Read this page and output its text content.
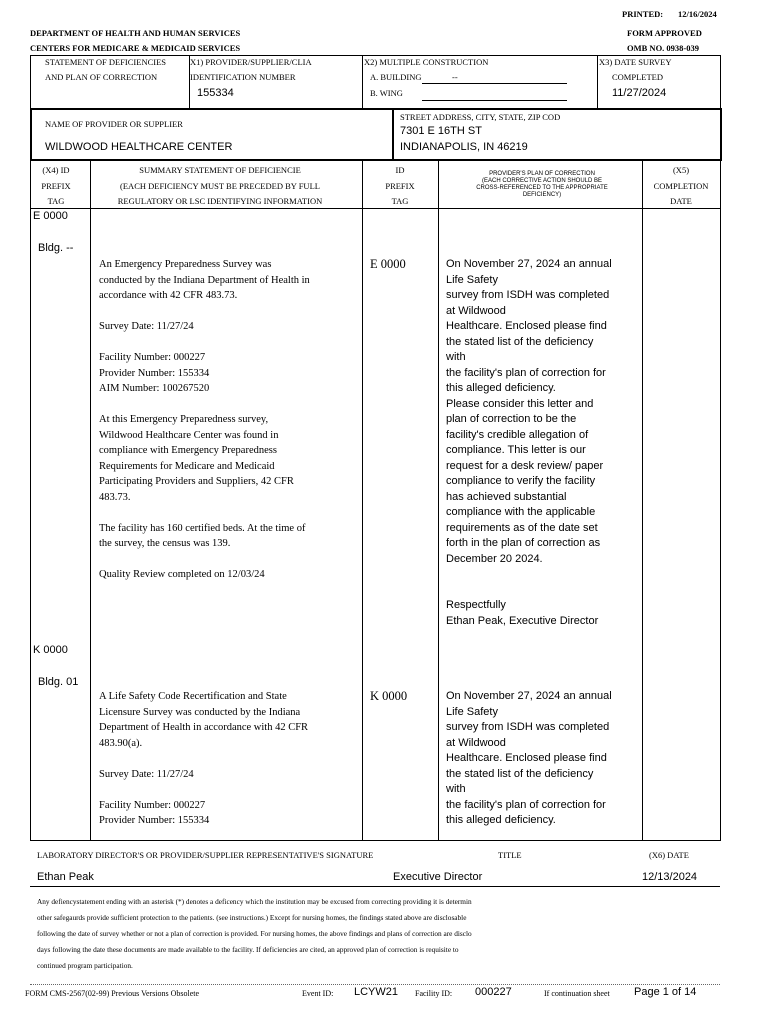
PRINTED: 12/16/2024
DEPARTMENT OF HEALTH AND HUMAN SERVICES	FORM APPROVED
CENTERS FOR MEDICARE & MEDICAID SERVICES	OMB NO. 0938-039
STATEMENT OF DEFICIENCIES
AND PLAN OF CORRECTION
X1) PROVIDER/SUPPLIER/CLIA
IDENTIFICATION NUMBER
155334
X2) MULTIPLE CONSTRUCTION
A. BUILDING	--
B. WING
X3) DATE SURVEY
COMPLETED
11/27/2024
NAME OF PROVIDER OR SUPPLIER
WILDWOOD HEALTHCARE CENTER
STREET ADDRESS, CITY, STATE, ZIP COD
7301 E 16TH ST
INDIANAPOLIS, IN 46219
(X4) ID
PREFIX
TAG
SUMMARY STATEMENT OF DEFICIENCIE
(EACH DEFICIENCY MUST BE PRECEDED BY FULL
REGULATORY OR LSC IDENTIFYING INFORMATION
ID
PREFIX
TAG
PROVIDER'S PLAN OF CORRECTION
(EACH CORRECTIVE ACTION SHOULD BE
CROSS-REFERENCED TO THE APPROPRIATE
DEFICIENCY)
(X5)
COMPLETION
DATE
E 0000
Bldg. --

An Emergency Preparedness Survey was
conducted by the Indiana Department of Health in
accordance with 42 CFR 483.73.

Survey Date: 11/27/24

Facility Number: 000227
Provider Number: 155334
AIM Number: 100267520

At this Emergency Preparedness survey,
Wildwood Healthcare Center was found in
compliance with Emergency Preparedness
Requirements for Medicare and Medicaid
Participating Providers and Suppliers, 42 CFR
483.73.

The facility has 160 certified beds. At the time of
the survey, the census was 139.

Quality Review completed on 12/03/24

E 0000	On November 27, 2024 an annual
Life Safety
survey from ISDH was completed
at Wildwood
Healthcare. Enclosed please find
the stated list of the deficiency
with
the facility's plan of correction for
this alleged deficiency.
Please consider this letter and
plan of correction to be the
facility's credible allegation of
compliance. This letter is our
request for a desk review/ paper
compliance to verify the facility
has achieved substantial
compliance with the applicable
requirements as of the date set
forth in the plan of correction as
December 20 2024.
Respectfully
Ethan Peak, Executive Director
K 0000
Bldg. 01

A Life Safety Code Recertification and State
Licensure Survey was conducted by the Indiana
Department of Health in accordance with 42 CFR
483.90(a).

Survey Date: 11/27/24

Facility Number: 000227
Provider Number: 155334

K 0000	On November 27, 2024 an annual
Life Safety
survey from ISDH was completed
at Wildwood
Healthcare. Enclosed please find
the stated list of the deficiency
with
the facility's plan of correction for
this alleged deficiency.
LABORATORY DIRECTOR'S OR PROVIDER/SUPPLIER REPRESENTATIVE'S SIGNATURE	TITLE	(X6) DATE
Ethan Peak	Executive Director	12/13/2024
Any defiencystatement ending with an asterisk (*) denotes a deficency which the institution may be excused from correcting providing it is determin
other safegaurds provide sufficient protection to the patients. (see instructions.) Except for nursing homes, the findings stated above are disclosable
following the date of survey whether or not a plan of correction is provided. For nursing homes, the above findings and plans of correction are disclo
days following the date these documents are made available to the facility. If deficiencies are cited, an approved plan of correction is requisite to
continued program participation.
FORM CMS-2567(02-99) Previous Versions Obsolete	Event ID: LCYW21 Facility ID: 000227	If continuation sheet Page 1 of 14
